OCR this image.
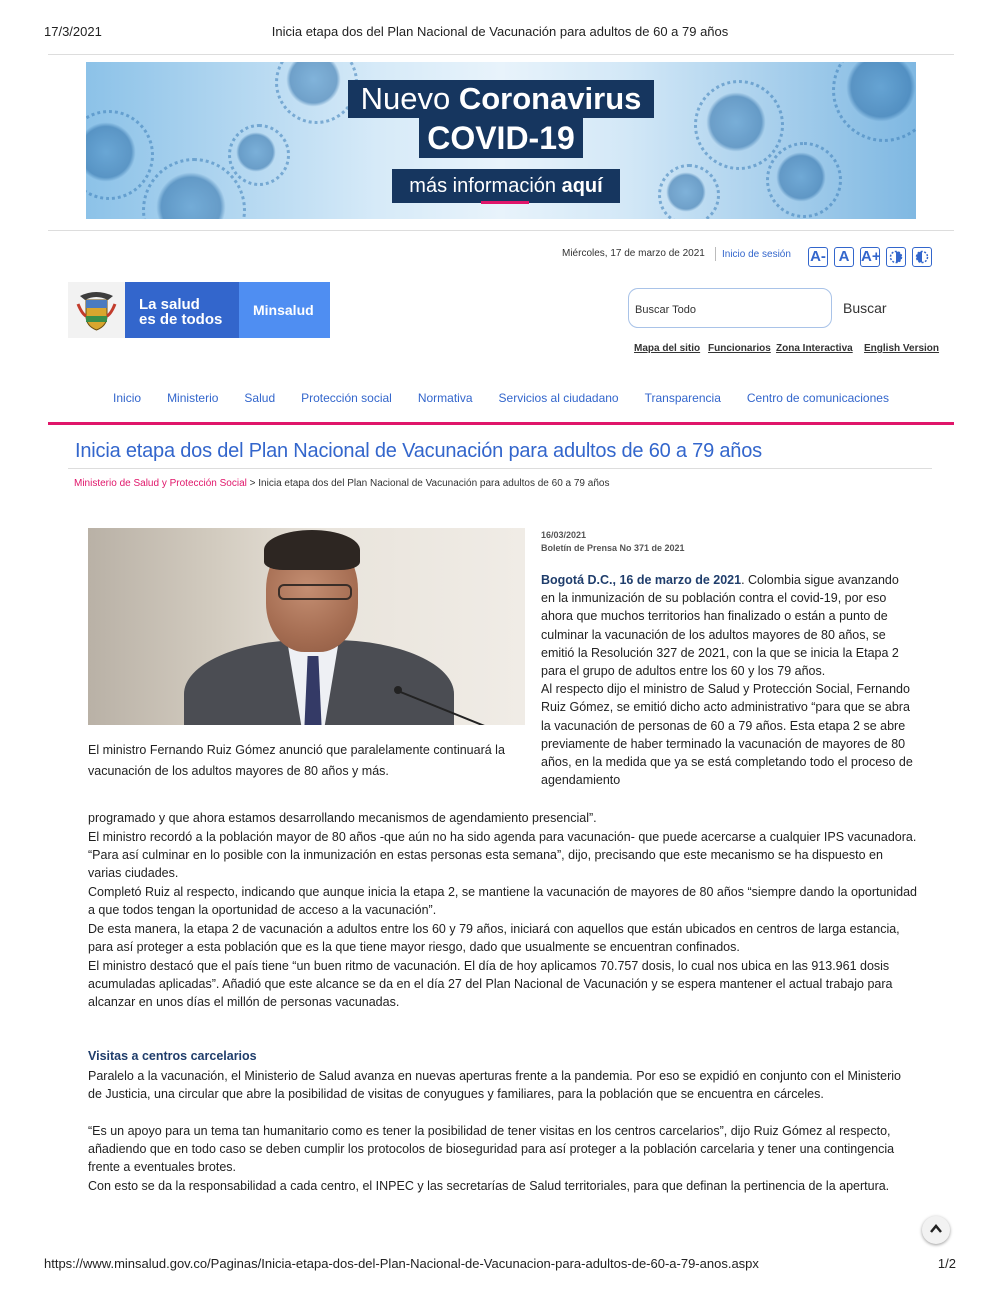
17/3/2021	Inicia etapa dos del Plan Nacional de Vacunación para adultos de 60 a 79 años
Nuevo Coronavirus
COVID-19
más información aquí
Miércoles, 17 de marzo de 2021 Inicio de sesión A- A A+
La salud
es de todos
Minsalud	Buscar Todo	Buscar
Mapa del sitio Funcionarios Zona Interactiva English Version
Inicio	Ministerio	Salud	Protección social	Normativa	Servicios al ciudadano	Transparencia	Centro de comunicaciones
Inicia etapa dos del Plan Nacional de Vacunación para adultos de 60 a 79 años
Ministerio de Salud y Protección Social > Inicia etapa dos del Plan Nacional de Vacunación para adultos de 60 a 79 años
El ministro Fernando Ruiz Gómez anunció que paralelamente continuará la vacunación de los adultos mayores de 80 años y más.
16/03/2021
Boletín de Prensa No 371 de 2021
Bogotá D.C., 16 de marzo de 2021. Colombia sigue avanzando en la inmunización de su población contra el covid-19, por eso ahora que muchos territorios han finalizado o están a punto de culminar la vacunación de los adultos mayores de 80 años, se emitió la Resolución 327 de 2021, con la que se inicia la Etapa 2 para el grupo de adultos entre los 60 y los 79 años.
Al respecto dijo el ministro de Salud y Protección Social, Fernando Ruiz Gómez, se emitió dicho acto administrativo “para que se abra la vacunación de personas de 60 a 79 años. Esta etapa 2 se abre previamente de haber terminado la vacunación de mayores de 80 años, en la medida que ya se está completando todo el proceso de agendamiento
programado y que ahora estamos desarrollando mecanismos de agendamiento presencial”.
El ministro recordó a la población mayor de 80 años -que aún no ha sido agenda para vacunación- que puede acercarse a cualquier IPS vacunadora. “Para así culminar en lo posible con la inmunización en estas personas esta semana”, dijo, precisando que este mecanismo se ha dispuesto en varias ciudades.
Completó Ruiz al respecto, indicando que aunque inicia la etapa 2, se mantiene la vacunación de mayores de 80 años “siempre dando la oportunidad a que todos tengan la oportunidad de acceso a la vacunación”.
De esta manera, la etapa 2 de vacunación a adultos entre los 60 y 79 años, iniciará con aquellos que están ubicados en centros de larga estancia, para así proteger a esta población que es la que tiene mayor riesgo, dado que usualmente se encuentran confinados.
El ministro destacó que el país tiene “un buen ritmo de vacunación. El día de hoy aplicamos 70.757 dosis, lo cual nos ubica en las 913.961 dosis acumuladas aplicadas”. Añadió que este alcance se da en el día 27 del Plan Nacional de Vacunación y se espera mantener el actual trabajo para alcanzar en unos días el millón de personas vacunadas.
Visitas a centros carcelarios
Paralelo a la vacunación, el Ministerio de Salud avanza en nuevas aperturas frente a la pandemia. Por eso se expidió en conjunto con el Ministerio de Justicia, una circular que abre la posibilidad de visitas de conyugues y familiares, para la población que se encuentra en cárceles.
“Es un apoyo para un tema tan humanitario como es tener la posibilidad de tener visitas en los centros carcelarios”, dijo Ruiz Gómez al respecto, añadiendo que en todo caso se deben cumplir los protocolos de bioseguridad para así proteger a la población carcelaria y tener una contingencia frente a eventuales brotes.
Con esto se da la responsabilidad a cada centro, el INPEC y las secretarías de Salud territoriales, para que definan la pertinencia de la apertura.
https://www.minsalud.gov.co/Paginas/Inicia-etapa-dos-del-Plan-Nacional-de-Vacunacion-para-adultos-de-60-a-79-anos.aspx	1/2
